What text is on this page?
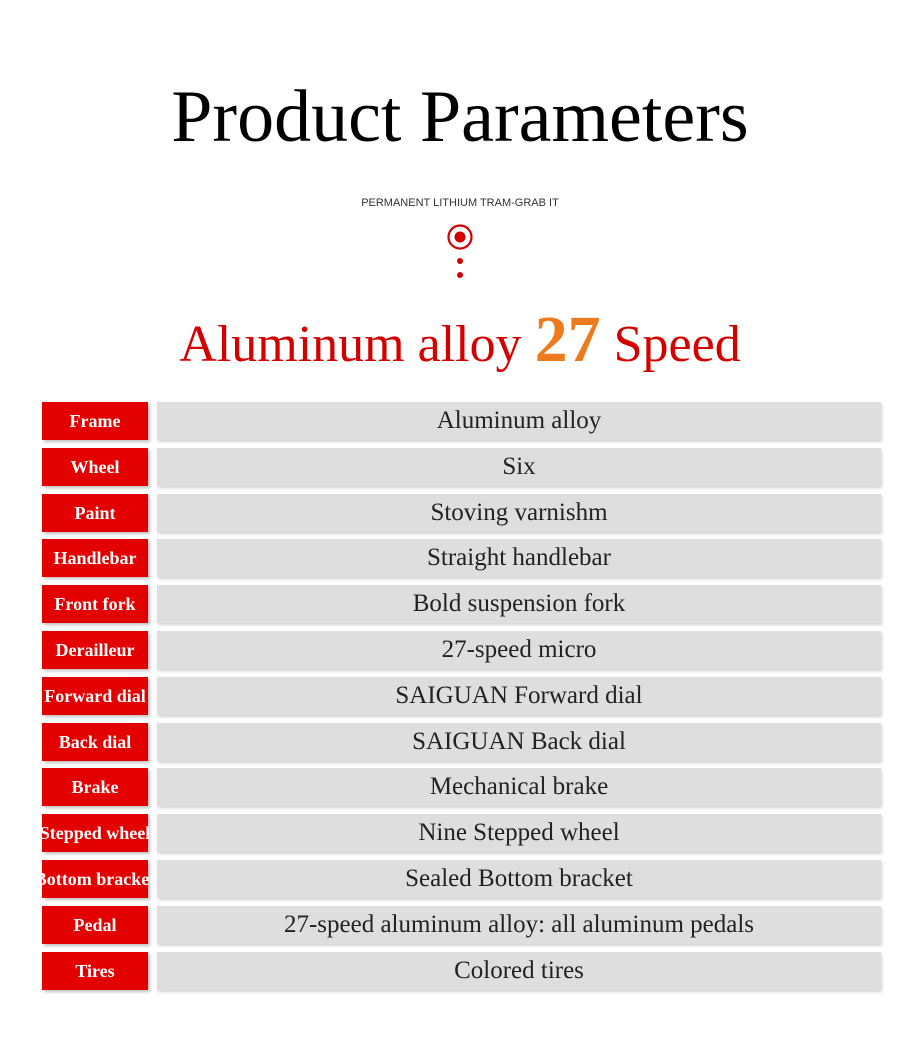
Product Parameters
PERMANENT LITHIUM TRAM-GRAB IT
Aluminum alloy 27 Speed
Frame	Aluminum alloy
Wheel	Six
Paint	Stoving varnishm
Handlebar	Straight handlebar
Front fork	Bold suspension fork
Derailleur	27-speed micro
Forward dial	SAIGUAN Forward dial
Back dial	SAIGUAN Back dial
Brake	Mechanical brake
Stepped wheel	Nine Stepped wheel
Bottom bracket	Sealed Bottom bracket
Pedal	27-speed aluminum alloy: all aluminum pedals
Tires	Colored tires
